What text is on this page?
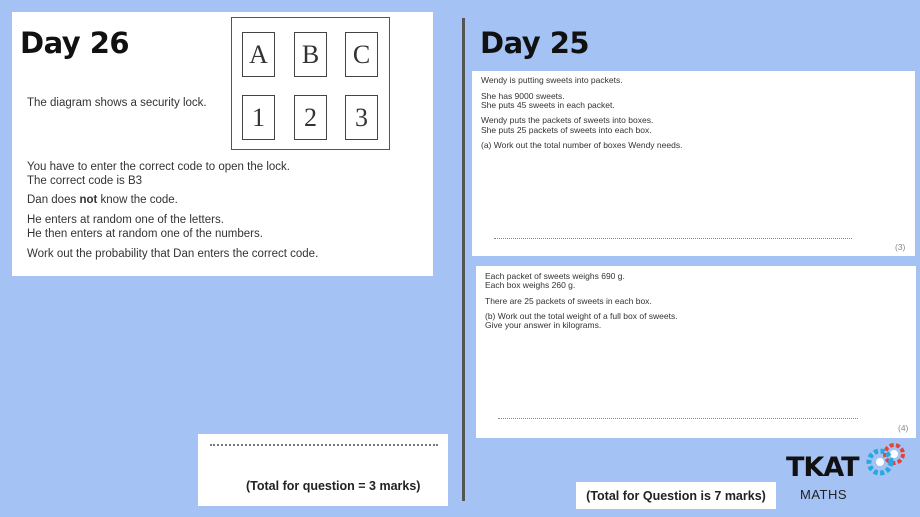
Day 26	A	B	C
1	2	3
The diagram shows a security lock.
You have to enter the correct code to open the lock.
The correct code is B3
Dan does not know the code.
He enters at random one of the letters.
He then enters at random one of the numbers.
Work out the probability that Dan enters the correct code.
(Total for question = 3 marks)
Day 25
Wendy is putting sweets into packets.
She has 9000 sweets.
She puts 45 sweets in each packet.
Wendy puts the packets of sweets into boxes.
She puts 25 packets of sweets into each box.
(a) Work out the total number of boxes Wendy needs.
(3)
Each packet of sweets weighs 690 g.
Each box weighs 260 g.
There are 25 packets of sweets in each box.
(b) Work out the total weight of a full box of sweets.
Give your answer in kilograms.
(4)
(Total for Question is 7 marks)
TKAT
MATHS
